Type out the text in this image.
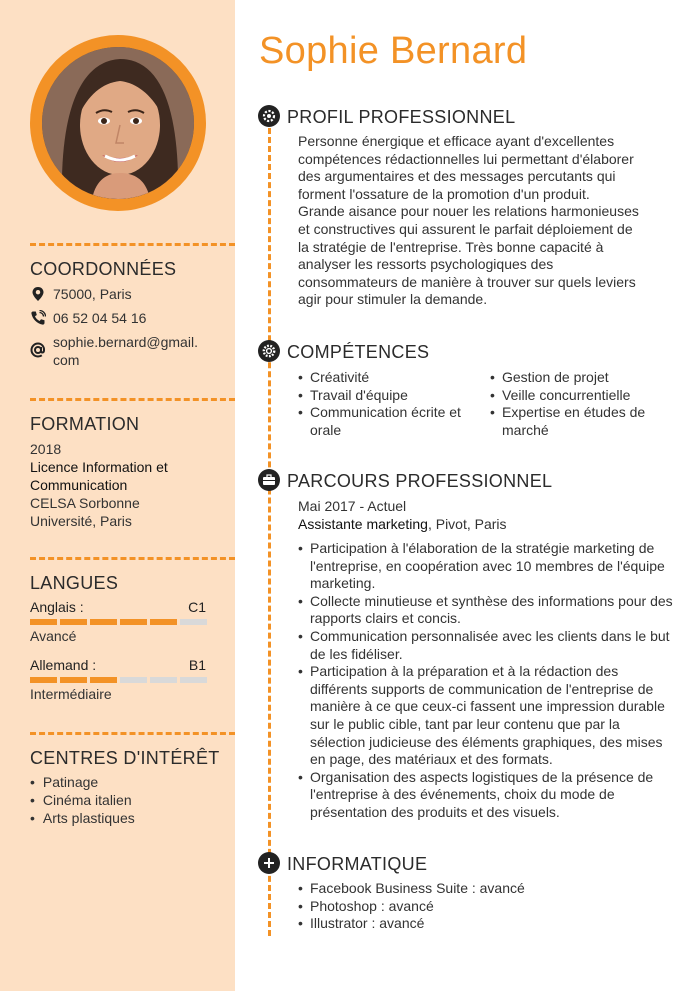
COORDONNÉES
75000, Paris
06 52 04 54 16
sophie.bernard@gmail.
com
FORMATION
2018
Licence Information et
Communication
CELSA Sorbonne
Université, Paris
LANGUES
Anglais :	C1
Avancé
Allemand :	B1
Intermédiaire
CENTRES D'INTÉRÊT
• Patinage
• Cinéma italien
• Arts plastiques
Sophie Bernard
PROFIL PROFESSIONNEL
Personne énergique et efficace ayant d'excellentes
compétences rédactionnelles lui permettant d'élaborer
des argumentaires et des messages percutants qui
forment l'ossature de la promotion d'un produit.
Grande aisance pour nouer les relations harmonieuses
et constructives qui assurent le parfait déploiement de
la stratégie de l'entreprise. Très bonne capacité à
analyser les ressorts psychologiques des
consommateurs de manière à trouver sur quels leviers
agir pour stimuler la demande.
COMPÉTENCES
• Créativité
• Travail d'équipe
• Communication écrite et orale
• Gestion de projet
• Veille concurrentielle
• Expertise en études de marché
PARCOURS PROFESSIONNEL
Mai 2017 - Actuel
Assistante marketing, Pivot, Paris
• Participation à l'élaboration de la stratégie marketing de l'entreprise, en coopération avec 10 membres de l'équipe marketing.
• Collecte minutieuse et synthèse des informations pour des rapports clairs et concis.
• Communication personnalisée avec les clients dans le but de les fidéliser.
• Participation à la préparation et à la rédaction des différents supports de communication de l'entreprise de manière à ce que ceux-ci fassent une impression durable sur le public cible, tant par leur contenu que par la sélection judicieuse des éléments graphiques, des mises en page, des matériaux et des formats.
• Organisation des aspects logistiques de la présence de l'entreprise à des événements, choix du mode de présentation des produits et des visuels.
INFORMATIQUE
• Facebook Business Suite : avancé
• Photoshop : avancé
• Illustrator : avancé
